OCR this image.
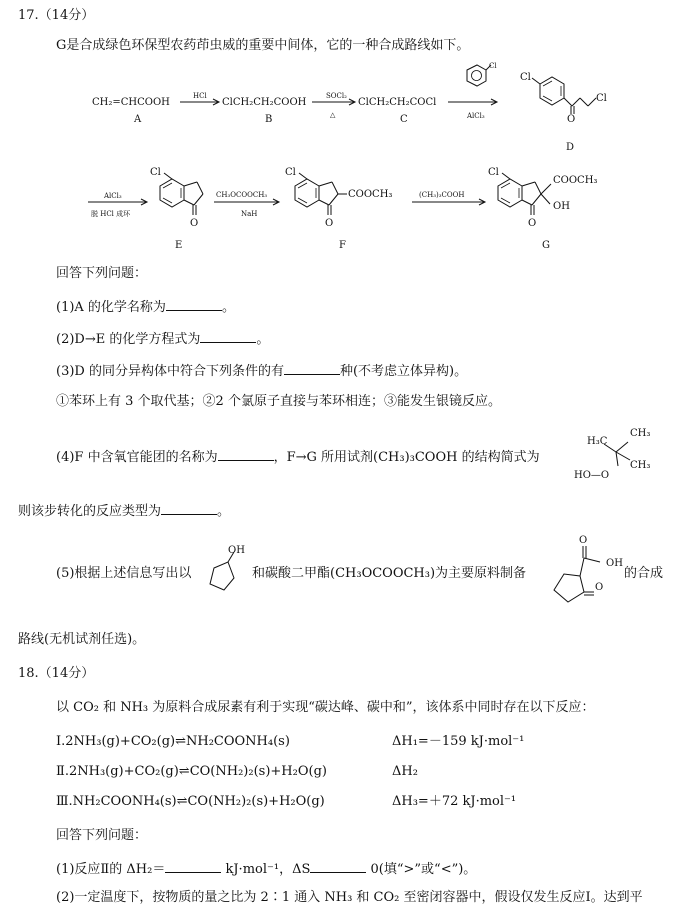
17.（14分）
G是合成绿色环保型农药茚虫威的重要中间体，它的一种合成路线如下。
CH₂=CHCOOH
A
HCl
ClCH₂CH₂COOH
B
SOCl₂
△
ClCH₂CH₂COCl
C
Cl
AlCl₃
Cl
Cl
O
D
AlCl₃
脱 HCl 成环
Cl
O
E
CH₃OCOOCH₃
NaH
Cl
COOCH₃
O
F
(CH₃)₃COOH
Cl
COOCH₃
OH
O
G
回答下列问题：
(1)A 的化学名称为	。
(2)D→E 的化学方程式为	。
(3)D 的同分异构体中符合下列条件的有	种(不考虑立体异构)。
①苯环上有 3 个取代基；②2 个氯原子直接与苯环相连；③能发生银镜反应。
(4)F 中含氧官能团的名称为	，F→G 所用试剂(CH₃)₃COOH 的结构简式为
H₃C
CH₃
CH₃
HO—O
则该步转化的反应类型为	。
(5)根据上述信息写出以
OH
和碳酸二甲酯(CH₃OCOOCH₃)为主要原料制备
O
O
的合成
OH
路线(无机试剂任选)。
18.（14分）
以 CO₂ 和 NH₃ 为原料合成尿素有利于实现“碳达峰、碳中和”，该体系中同时存在以下反应：
Ⅰ.2NH₃(g)+CO₂(g)⇌NH₂COONH₄(s)	ΔH₁=－159 kJ·mol⁻¹
Ⅱ.2NH₃(g)+CO₂(g)⇌CO(NH₂)₂(s)+H₂O(g)	ΔH₂
Ⅲ.NH₂COONH₄(s)⇌CO(NH₂)₂(s)+H₂O(g)	ΔH₃=＋72 kJ·mol⁻¹
回答下列问题：
(1)反应Ⅱ的 ΔH₂＝	kJ·mol⁻¹，ΔS	0(填“>”或“<”)。
(2)一定温度下，按物质的量之比为 2∶1 通入 NH₃ 和 CO₂ 至密闭容器中，假设仅发生反应Ⅰ。达到平
